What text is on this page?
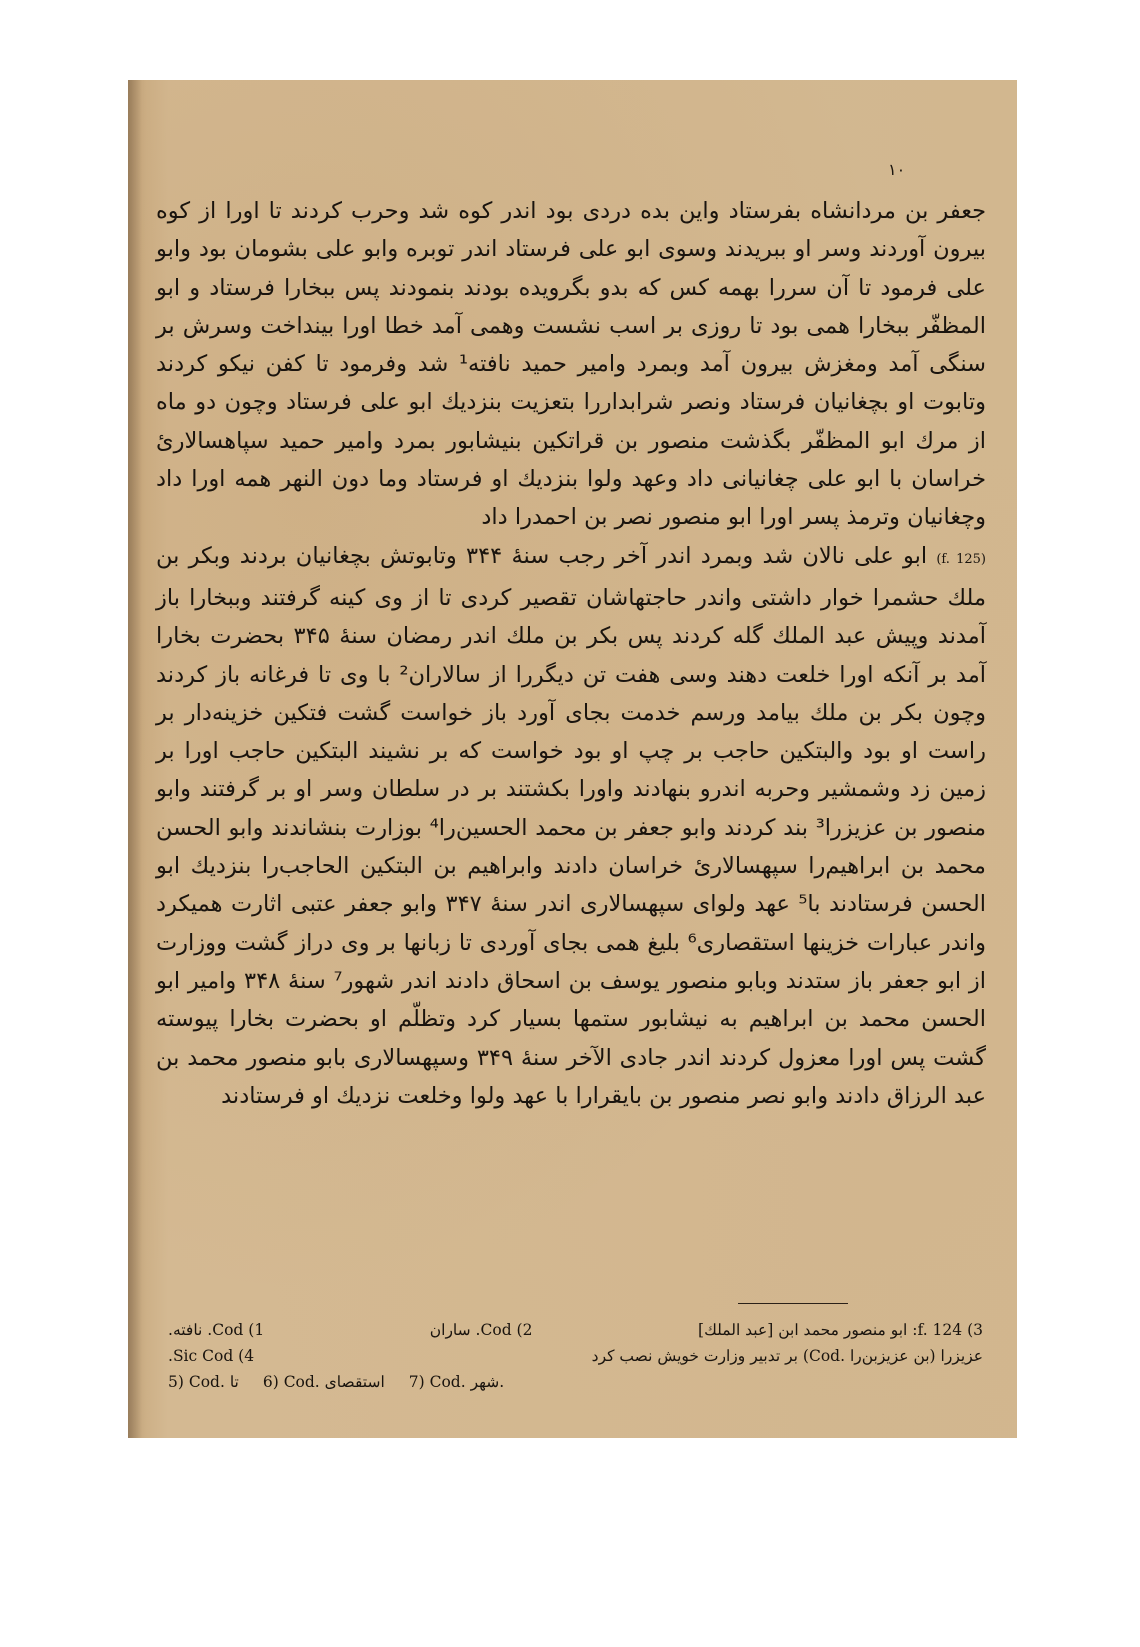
١٠

جعفر بن مردانشاه بفرستاد واین بده دردی بود اندر کوه شد وحرب کردند تا اورا از کوه بیرون آوردند وسر او ببریدند وسوی ابو علی فرستاد اندر توبره وابو علی بشومان بود وابو علی فرمود تا آن سررا بهمه کس که بدو بگرویده بودند بنمودند پس ببخارا فرستاد و ابو المظفّر ببخارا همی بود تا روزی بر اسب نشست وهمی آمد خطا اورا بینداخت وسرش بر سنگی آمد ومغزش بیرون آمد وبمرد وامیر حمید نافته¹ شد وفرمود تا کفن نیکو کردند وتابوت او بچغانیان فرستاد ونصر شرابداررا بتعزیت بنزدیك ابو علی فرستاد وچون دو ماه از مرك ابو المظفّر بگذشت منصور بن قراتکین بنیشابور بمرد وامیر حمید سپاهسالاریٔ خراسان با ابو علی چغانیانی داد وعهد ولوا بنزدیك او فرستاد وما دون النهر همه اورا داد وچغانیان وترمذ پسر اورا ابو منصور نصر بن احمدرا داد

(f. 125) ابو علی نالان شد وبمرد اندر آخر رجب سنهٔ ۳۴۴ وتابوتش بچغانیان بردند وبکر بن ملك حشمرا خوار داشتی واندر حاجتهاشان تقصیر کردی تا از وی کینه گرفتند وببخارا باز آمدند وپیش عبد الملك گله کردند پس بکر بن ملك اندر رمضان سنهٔ ۳۴۵ بحضرت بخارا آمد بر آنکه اورا خلعت دهند وسی هفت تن دیگررا از سالاران² با وی تا فرغانه باز کردند وچون بکر بن ملك بیامد ورسم خدمت بجای آورد باز خواست گشت فتکین خزینه‌دار بر راست او بود والبتکین حاجب بر چپ او بود خواست که بر نشیند البتکین حاجب اورا بر زمین زد وشمشیر وحربه اندرو بنهادند واورا بکشتند بر در سلطان وسر او بر گرفتند وابو منصور بن عزیزرا³ بند کردند وابو جعفر بن محمد الحسین‌را⁴ بوزارت بنشاندند وابو الحسن محمد بن ابراهیم‌را سپهسالاریٔ خراسان دادند وابراهیم بن البتکین الحاجب‌را بنزدیك ابو الحسن فرستادند با⁵ عهد ولوای سپهسالاری اندر سنهٔ ۳۴۷ وابو جعفر عتبی اثارت همیکرد واندر عبارات خزینها استقصاری⁶ بلیغ همی بجای آوردی تا زبانها بر وی دراز گشت ووزارت از ابو جعفر باز ستدند وبابو منصور یوسف بن اسحاق دادند اندر شهور⁷ سنهٔ ۳۴۸ وامیر ابو الحسن محمد بن ابراهیم به نیشابور ستمها بسیار کرد وتظلّم او بحضرت بخارا پیوسته گشت پس اورا معزول کردند اندر جادی الآخر سنهٔ ۳۴۹ وسپهسالاری بابو منصور محمد بن عبد الرزاق دادند وابو نصر منصور بن بایقرارا با عهد ولوا وخلعت نزدیك او فرستادند

3) f. 124: ابو منصور محمد ابن [عبد الملك]
2) Cod. ساران
1) Cod. نافته.
عزیزرا (بن عزیزبن‌را .Cod) بر تدبیر وزارت خویش نصب کرد
4) Sic Cod.
5) Cod. تا 6) Cod. استقصای 7) Cod. شهر.
